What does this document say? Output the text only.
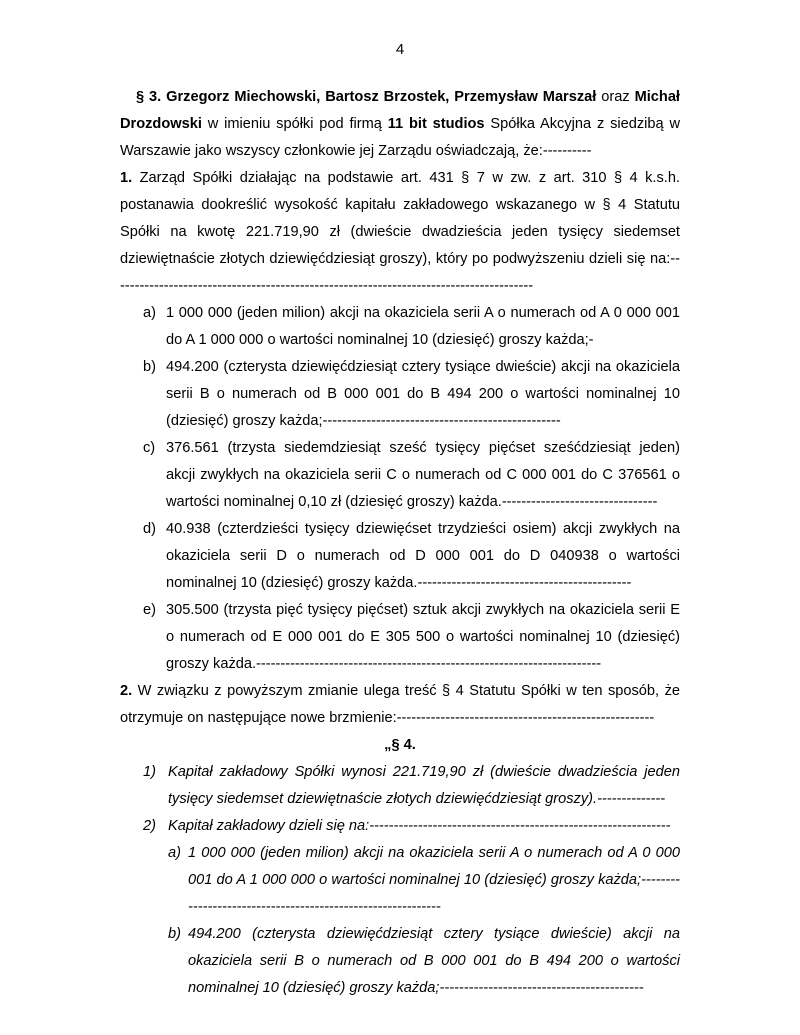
4

§ 3. Grzegorz Miechowski, Bartosz Brzostek, Przemysław Marszał oraz Michał Drozdowski w imieniu spółki pod firmą 11 bit studios Spółka Akcyjna z siedzibą w Warszawie jako wszyscy członkowie jej Zarządu oświadczają, że:----------

1. Zarząd Spółki działając na podstawie art. 431 § 7 w zw. z art. 310 § 4 k.s.h. postanawia dookreślić wysokość kapitału zakładowego wskazanego w § 4 Statutu Spółki na kwotę 221.719,90 zł (dwieście dwadzieścia jeden tysięcy siedemset dziewiętnaście złotych dziewięćdziesiąt groszy), który po podwyższeniu dzieli się na:---------------------------------------------------------------------------------------

a) 1 000 000 (jeden milion) akcji na okaziciela serii A o numerach od A 0 000 001 do A 1 000 000 o wartości nominalnej 10 (dziesięć) groszy każda;-
b) 494.200 (czterysta dziewięćdziesiąt cztery tysiące dwieście) akcji na okaziciela serii B o numerach od B 000 001 do B 494 200 o wartości nominalnej 10 (dziesięć) groszy każda;-------------------------------------------------
c) 376.561 (trzysta siedemdziesiąt sześć tysięcy pięćset sześćdziesiąt jeden) akcji zwykłych na okaziciela serii C o numerach od C 000 001 do C 376561 o wartości nominalnej 0,10 zł (dziesięć groszy) każda.--------------------------------
d) 40.938 (czterdzieści tysięcy dziewięćset trzydzieści osiem) akcji zwykłych na okaziciela serii D o numerach od D 000 001 do D 040938 o wartości nominalnej 10 (dziesięć) groszy każda.--------------------------------------------
e) 305.500 (trzysta pięć tysięcy pięćset) sztuk akcji zwykłych na okaziciela serii E o numerach od E 000 001 do E 305 500 o wartości nominalnej 10 (dziesięć) groszy każda.-----------------------------------------------------------------------

2. W związku z powyższym zmianie ulega treść § 4 Statutu Spółki w ten sposób, że otrzymuje on następujące nowe brzmienie:-----------------------------------------------------

„§ 4.

1) Kapitał zakładowy Spółki wynosi 221.719,90 zł (dwieście dwadzieścia jeden tysięcy siedemset dziewiętnaście złotych dziewięćdziesiąt groszy).--------------
2) Kapitał zakładowy dzieli się na:--------------------------------------------------------------
a) 1 000 000 (jeden milion) akcji na okaziciela serii A o numerach od A 0 000 001 do A 1 000 000 o wartości nominalnej 10 (dziesięć) groszy każda;------------------------------------------------------------
b) 494.200 (czterysta dziewięćdziesiąt cztery tysiące dwieście) akcji na okaziciela serii B o numerach od B 000 001 do B 494 200 o wartości nominalnej 10 (dziesięć) groszy każda;------------------------------------------
